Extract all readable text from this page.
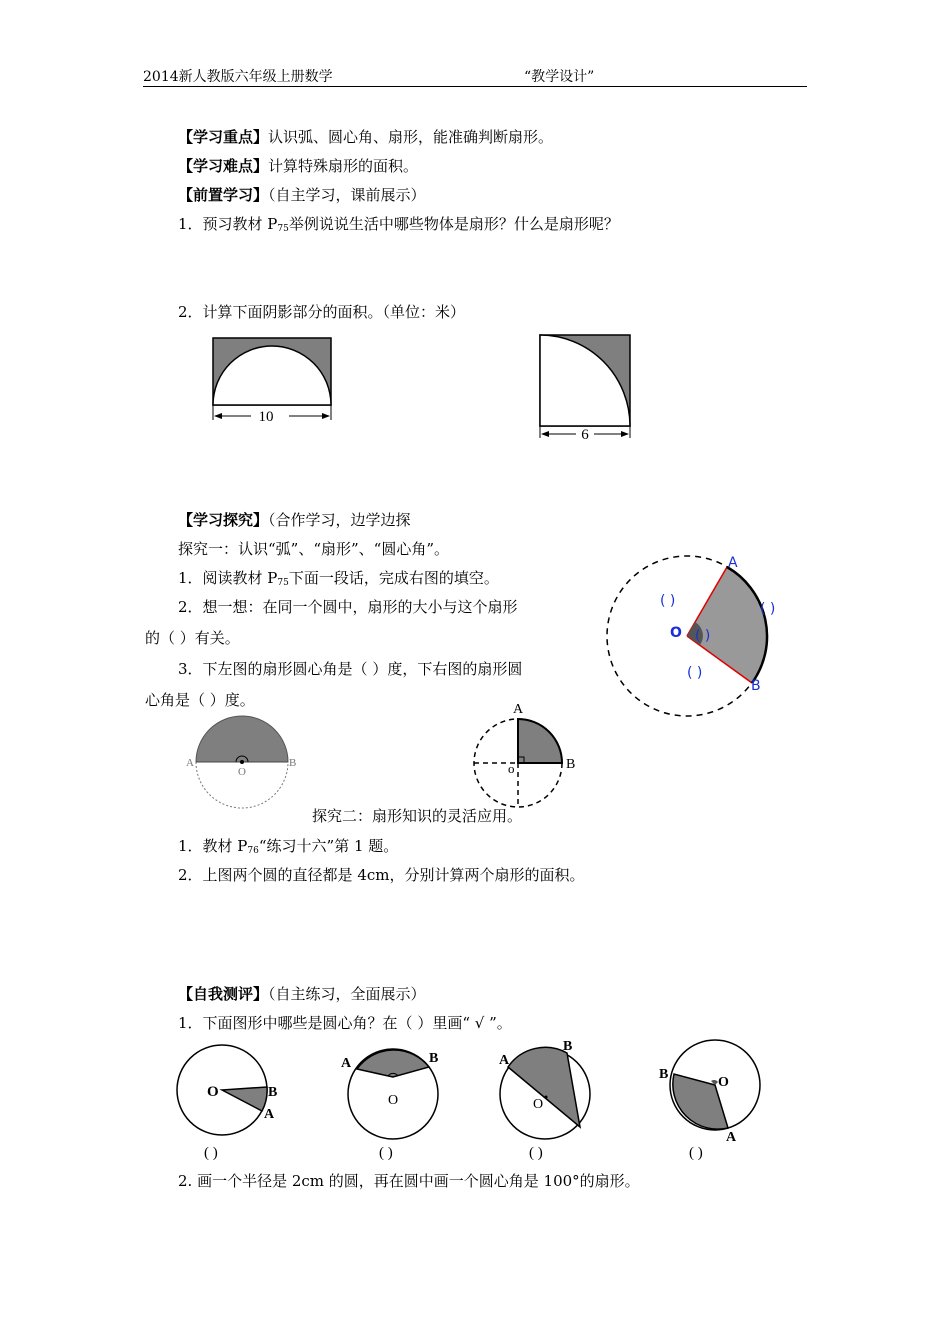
2014新人教版六年级上册数学	“教学设计”
【学习重点】认识弧、圆心角、扇形，能准确判断扇形。
【学习难点】计算特殊扇形的面积。
【前置学习】（自主学习，课前展示）
1．预习教材 $P_{75}$举例说说生活中哪些物体是扇形？什么是扇形呢？
2．计算下面阴影部分的面积。（单位：米）
10
6
【学习探究】（合作学习，边学边探
探究一：认识“弧”、“扇形”、“圆心角”。
1．阅读教材 $P_{75}$下面一段话，完成右图的填空。
2．想一想：在同一个圆中，扇形的大小与这个扇形
的（ ）有关。
3．下左图的扇形圆心角是（ ）度，下右图的扇形圆
心角是（ ）度。
A
B
O
( )	( )
( )
( )
A	B
O
A
B
o
探究二：扇形知识的灵活应用。
1．教材 $P_{76}“$练习十六”第 1 题。
2．上图两个圆的直径都是 4cm，分别计算两个扇形的面积。
【自我测评】（自主练习，全面展示）
1．下面图形中哪些是圆心角？在（ ）里画“ √ ”。
O	B
A
( )
A	B
O
( )
A
B
O
( )
B
O
A
( )
2. 画一个半径是 2cm 的圆，再在圆中画一个圆心角是 100°的扇形。
